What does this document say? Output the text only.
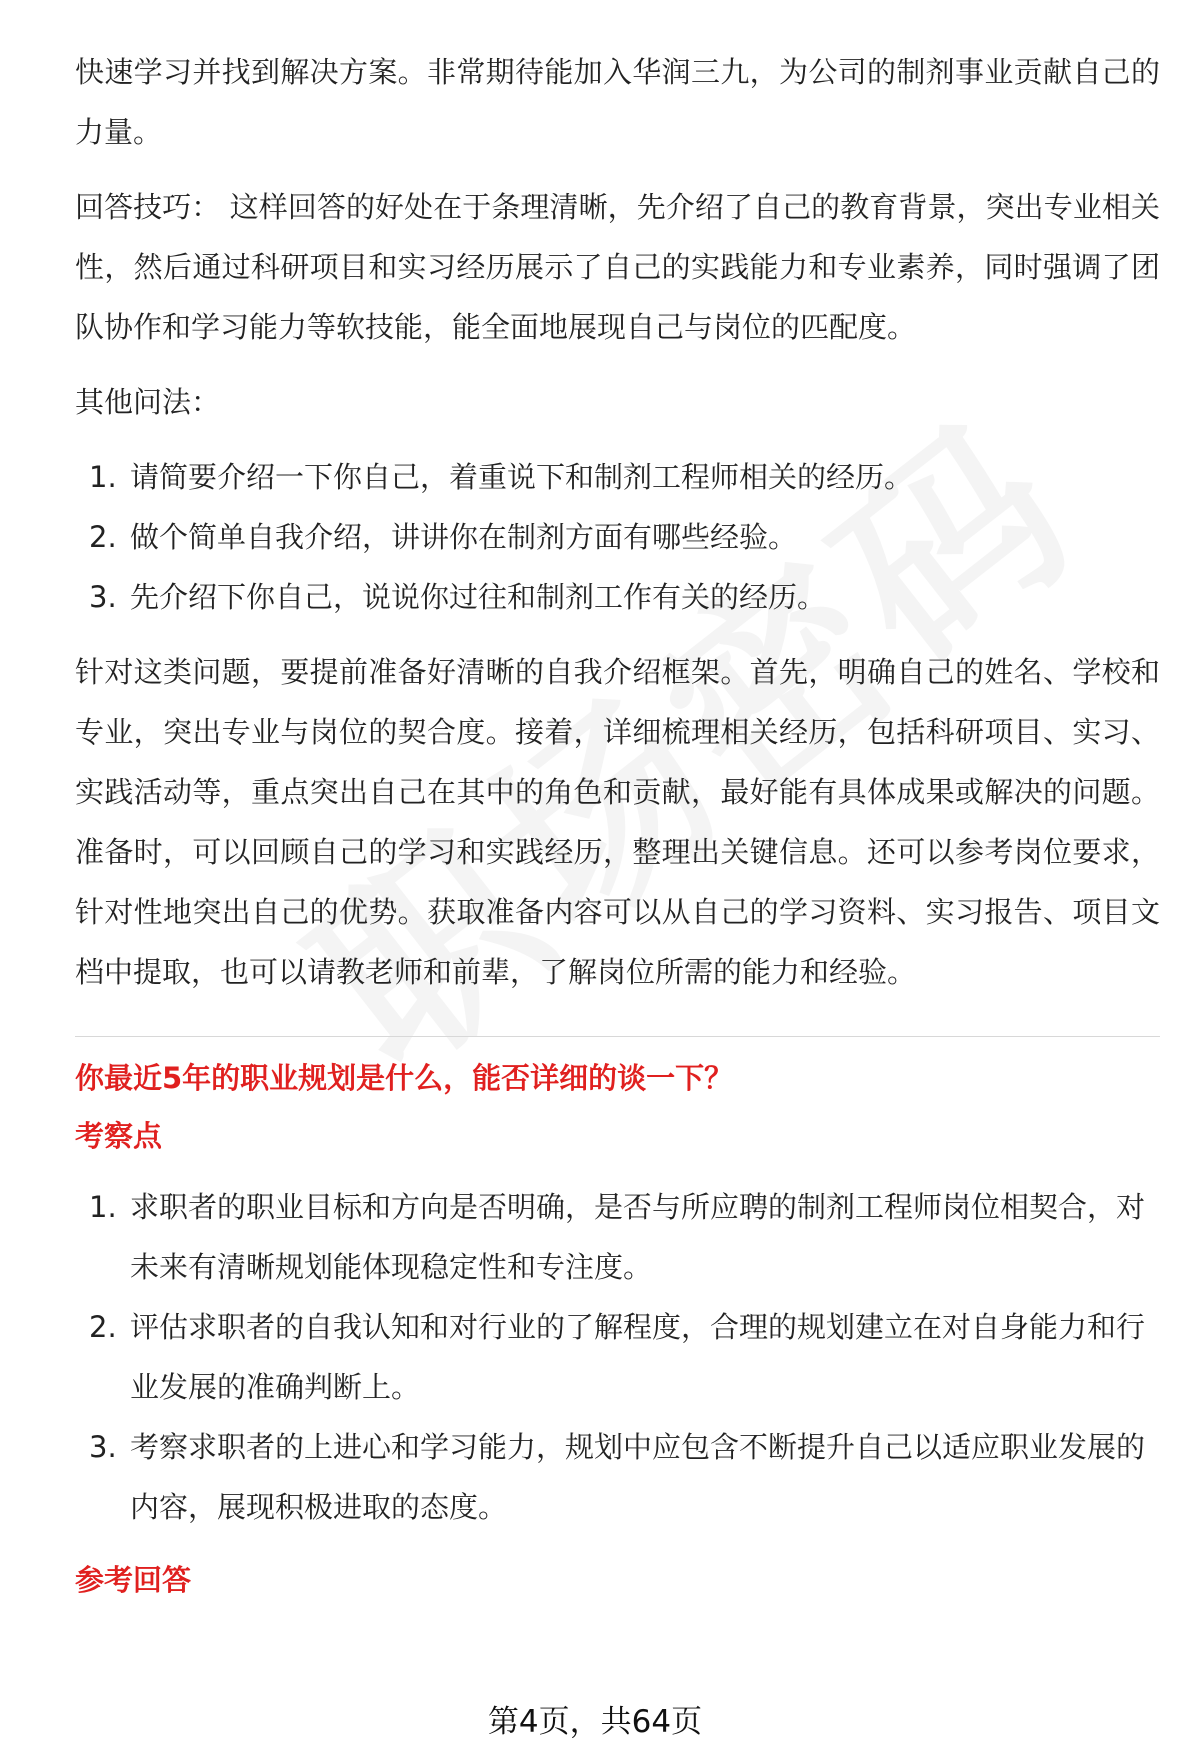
快速学习并找到解决方案。非常期待能加入华润三九，为公司的制剂事业贡献自己的力量。

回答技巧： 这样回答的好处在于条理清晰，先介绍了自己的教育背景，突出专业相关性，然后通过科研项目和实习经历展示了自己的实践能力和专业素养，同时强调了团队协作和学习能力等软技能，能全面地展现自己与岗位的匹配度。

其他问法：

1. 请简要介绍一下你自己，着重说下和制剂工程师相关的经历。
2. 做个简单自我介绍，讲讲你在制剂方面有哪些经验。
3. 先介绍下你自己，说说你过往和制剂工作有关的经历。

针对这类问题，要提前准备好清晰的自我介绍框架。首先，明确自己的姓名、学校和专业，突出专业与岗位的契合度。接着，详细梳理相关经历，包括科研项目、实习、实践活动等，重点突出自己在其中的角色和贡献，最好能有具体成果或解决的问题。准备时，可以回顾自己的学习和实践经历，整理出关键信息。还可以参考岗位要求，针对性地突出自己的优势。获取准备内容可以从自己的学习资料、实习报告、项目文档中提取，也可以请教老师和前辈，了解岗位所需的能力和经验。

你最近5年的职业规划是什么，能否详细的谈一下？

考察点

1. 求职者的职业目标和方向是否明确，是否与所应聘的制剂工程师岗位相契合，对未来有清晰规划能体现稳定性和专注度。
2. 评估求职者的自我认知和对行业的了解程度，合理的规划建立在对自身能力和行业发展的准确判断上。
3. 考察求职者的上进心和学习能力，规划中应包含不断提升自己以适应职业发展的内容，展现积极进取的态度。

参考回答

第4页，共64页
